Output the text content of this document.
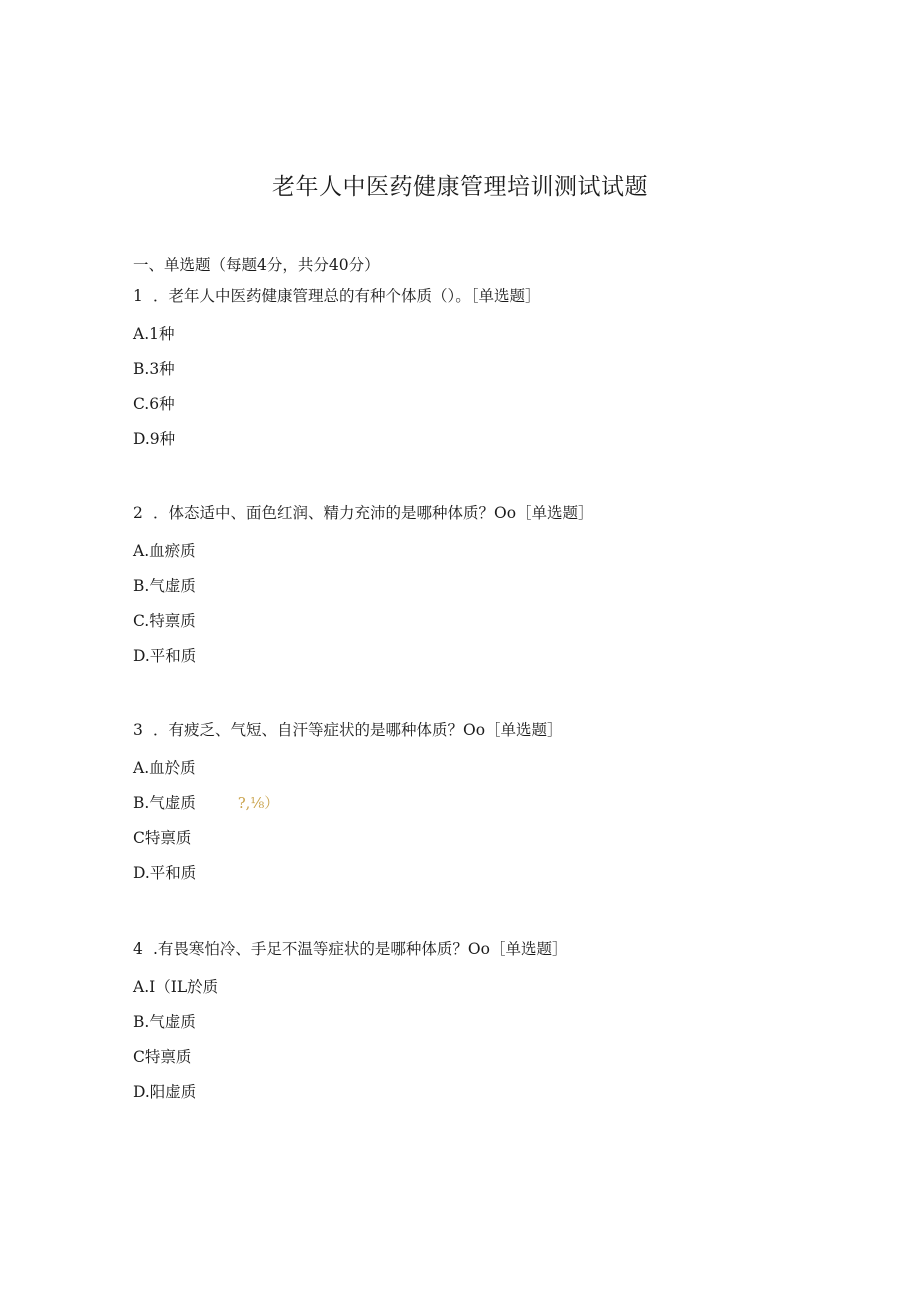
老年人中医药健康管理培训测试试题
一、单选题（每题4分，共分40分）
1 ．老年人中医药健康管理总的有种个体质（）。［单选题］
A.1种
B.3种
C.6种
D.9种
2 ．体态适中、面色红润、精力充沛的是哪种体质？Oo［单选题］
A.血瘀质
B.气虚质
C.特禀质
D.平和质
3 ．有疲乏、气短、自汗等症状的是哪种体质？Oo［单选题］
A.血於质
B.气虚质	?,⅛）
C特禀质
D.平和质
4 .有畏寒怕冷、手足不温等症状的是哪种体质？Oo［单选题］
A.I（IL於质
B.气虚质
C特禀质
D.阳虚质
